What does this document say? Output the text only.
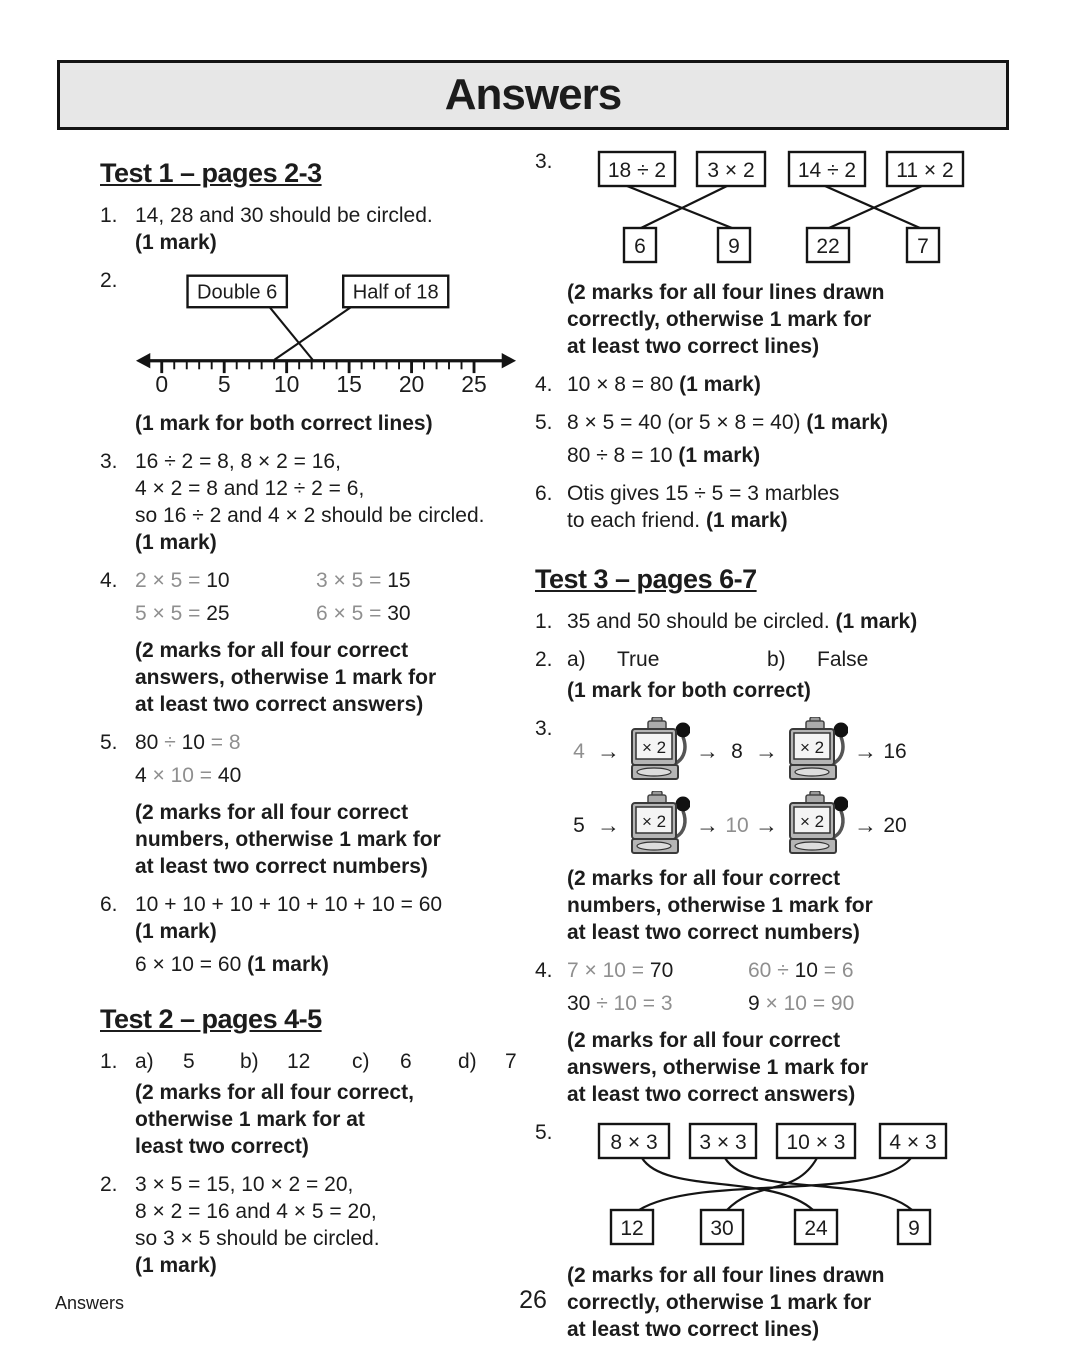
Answers
Test 1 – pages 2-3
1. 14, 28 and 30 should be circled.
(1 mark)
2.
Double 6	Half of 18
0 5 10 15 20 25
(1 mark for both correct lines)
3. 16 ÷ 2 = 8, 8 × 2 = 16,
4 × 2 = 8 and 12 ÷ 2 = 6,
so 16 ÷ 2 and 4 × 2 should be circled.
(1 mark)
4. 2 × 5 = 10	3 × 5 = 15
5 × 5 = 25	6 × 5 = 30
(2 marks for all four correct
answers, otherwise 1 mark for
at least two correct answers)
5. 80 ÷ 10 = 8
4 × 10 = 40
(2 marks for all four correct
numbers, otherwise 1 mark for
at least two correct numbers)
6. 10 + 10 + 10 + 10 + 10 + 10 = 60
(1 mark)
6 × 10 = 60 (1 mark)
Test 2 – pages 4-5
1. a)	5	b)	12	c)	6	d)	7
(2 marks for all four correct,
otherwise 1 mark for at
least two correct)
2. 3 × 5 = 15, 10 × 2 = 20,
8 × 2 = 16 and 4 × 5 = 20,
so 3 × 5 should be circled.
(1 mark)
3.	18 ÷ 2 3 × 2 14 ÷ 2 11 × 2
6	9	22	7
(2 marks for all four lines drawn
correctly, otherwise 1 mark for
at least two correct lines)
4. 10 × 8 = 80 (1 mark)
5. 8 × 5 = 40 (or 5 × 8 = 40) (1 mark)
80 ÷ 8 = 10 (1 mark)
6. Otis gives 15 ÷ 5 = 3 marbles
to each friend. (1 mark)
Test 3 – pages 6-7
1. 35 and 50 should be circled. (1 mark)
2. a)	True	b)	False
(1 mark for both correct)
3.
4 →	× 2 → 8 →	× 2 → 16
5 →	× 2 → 10 →	× 2 → 20
(2 marks for all four correct
numbers, otherwise 1 mark for
at least two correct numbers)
4. 7 × 10 = 70	60 ÷ 10 = 6
30 ÷ 10 = 3	9 × 10 = 90
(2 marks for all four correct
answers, otherwise 1 mark for
at least two correct answers)
5.	8 × 3 3 × 3 10 × 3 4 × 3
12	30	24	9
(2 marks for all four lines drawn
correctly, otherwise 1 mark for
at least two correct lines)
26
Answers
